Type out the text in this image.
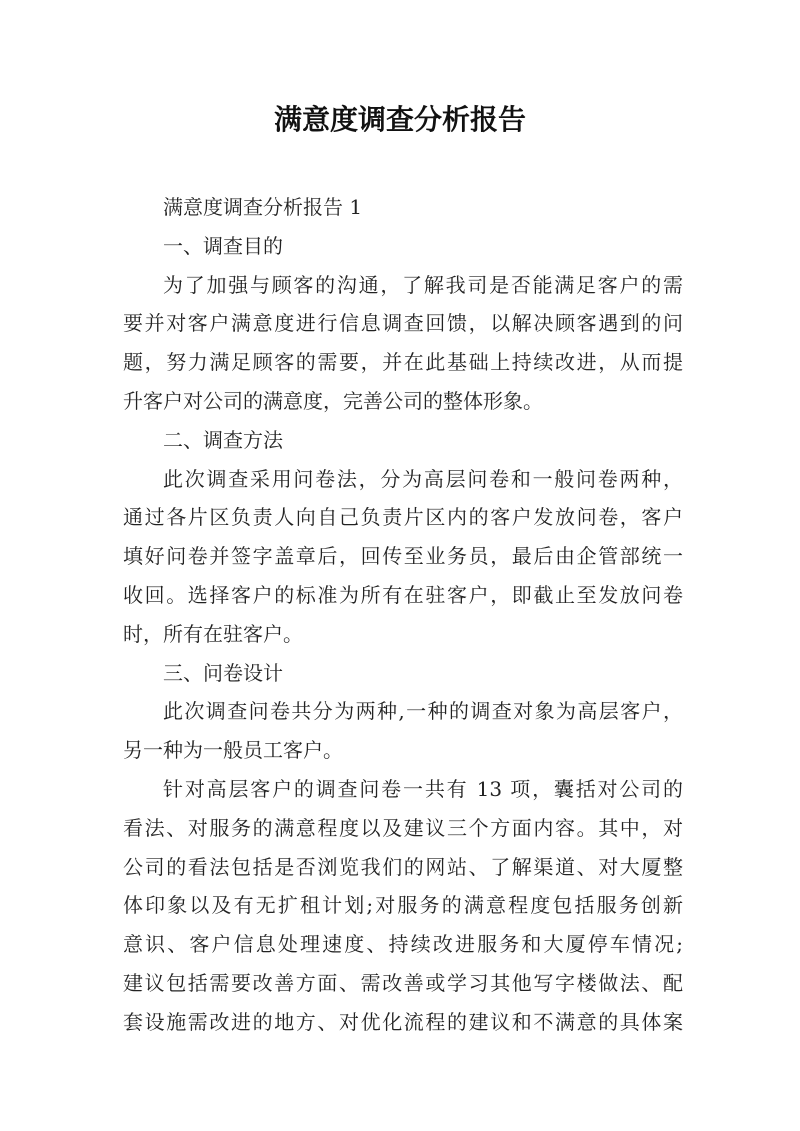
满意度调查分析报告
满意度调查分析报告 1
一、调查目的
为了加强与顾客的沟通，了解我司是否能满足客户的需
要并对客户满意度进行信息调查回馈，以解决顾客遇到的问
题，努力满足顾客的需要，并在此基础上持续改进，从而提
升客户对公司的满意度，完善公司的整体形象。
二、调查方法
此次调查采用问卷法，分为高层问卷和一般问卷两种，
通过各片区负责人向自己负责片区内的客户发放问卷，客户
填好问卷并签字盖章后，回传至业务员，最后由企管部统一
收回。选择客户的标准为所有在驻客户，即截止至发放问卷
时，所有在驻客户。
三、问卷设计
此次调查问卷共分为两种,一种的调查对象为高层客户，
另一种为一般员工客户。
针对高层客户的调查问卷一共有 13 项，囊括对公司的
看法、对服务的满意程度以及建议三个方面内容。其中，对
公司的看法包括是否浏览我们的网站、了解渠道、对大厦整
体印象以及有无扩租计划;对服务的满意程度包括服务创新
意识、客户信息处理速度、持续改进服务和大厦停车情况;
建议包括需要改善方面、需改善或学习其他写字楼做法、配
套设施需改进的地方、对优化流程的建议和不满意的具体案
